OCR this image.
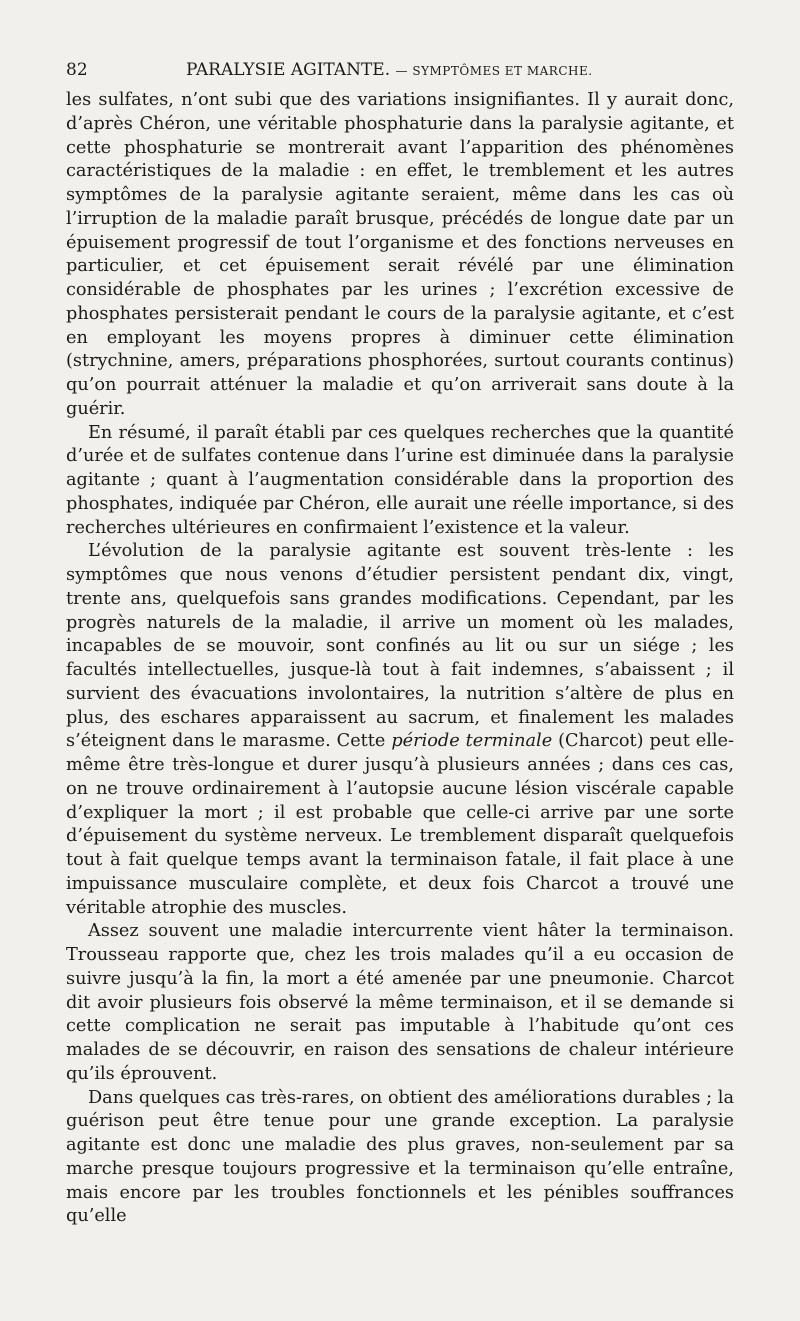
82	PARALYSIE AGITANTE. — SYMPTÔMES ET MARCHE.

les sulfates, n’ont subi que des variations insignifiantes. Il y aurait donc, d’après Chéron, une véritable phosphaturie dans la paralysie agitante, et cette phosphaturie se montrerait avant l’apparition des phénomènes caractéristiques de la maladie : en effet, le tremblement et les autres symptômes de la paralysie agitante seraient, même dans les cas où l’irruption de la maladie paraît brusque, précédés de longue date par un épuisement progressif de tout l’organisme et des fonctions nerveuses en particulier, et cet épuisement serait révélé par une élimination considérable de phosphates par les urines ; l’excrétion excessive de phosphates persisterait pendant le cours de la paralysie agitante, et c’est en employant les moyens propres à diminuer cette élimination (strychnine, amers, préparations phosphorées, surtout courants continus) qu’on pourrait atténuer la maladie et qu’on arriverait sans doute à la guérir.

En résumé, il paraît établi par ces quelques recherches que la quantité d’urée et de sulfates contenue dans l’urine est diminuée dans la paralysie agitante ; quant à l’augmentation considérable dans la proportion des phosphates, indiquée par Chéron, elle aurait une réelle importance, si des recherches ultérieures en confirmaient l’existence et la valeur.

L’évolution de la paralysie agitante est souvent très-lente : les symptômes que nous venons d’étudier persistent pendant dix, vingt, trente ans, quelquefois sans grandes modifications. Cependant, par les progrès naturels de la maladie, il arrive un moment où les malades, incapables de se mouvoir, sont confinés au lit ou sur un siége ; les facultés intellectuelles, jusque-là tout à fait indemnes, s’abaissent ; il survient des évacuations involontaires, la nutrition s’altère de plus en plus, des eschares apparaissent au sacrum, et finalement les malades s’éteignent dans le marasme. Cette période terminale (Charcot) peut elle-même être très-longue et durer jusqu’à plusieurs années ; dans ces cas, on ne trouve ordinairement à l’autopsie aucune lésion viscérale capable d’expliquer la mort ; il est probable que celle-ci arrive par une sorte d’épuisement du système nerveux. Le tremblement disparaît quelquefois tout à fait quelque temps avant la terminaison fatale, il fait place à une impuissance musculaire complète, et deux fois Charcot a trouvé une véritable atrophie des muscles.

Assez souvent une maladie intercurrente vient hâter la terminaison. Trousseau rapporte que, chez les trois malades qu’il a eu occasion de suivre jusqu’à la fin, la mort a été amenée par une pneumonie. Charcot dit avoir plusieurs fois observé la même terminaison, et il se demande si cette complication ne serait pas imputable à l’habitude qu’ont ces malades de se découvrir, en raison des sensations de chaleur intérieure qu’ils éprouvent.

Dans quelques cas très-rares, on obtient des améliorations durables ; la guérison peut être tenue pour une grande exception. La paralysie agitante est donc une maladie des plus graves, non-seulement par sa marche presque toujours progressive et la terminaison qu’elle entraîne, mais encore par les troubles fonctionnels et les pénibles souffrances qu’elle
